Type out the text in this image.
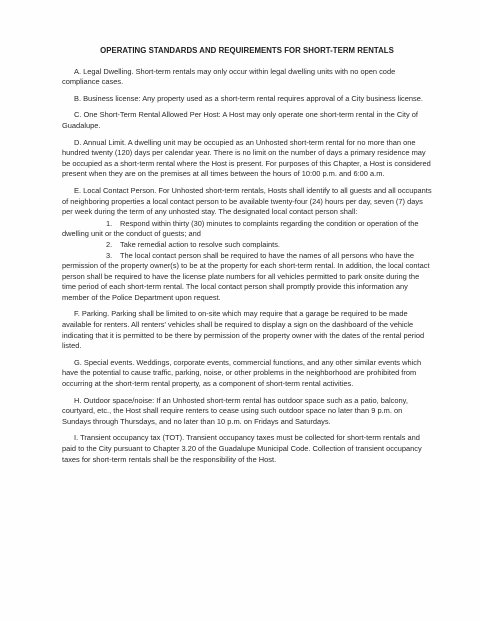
OPERATING STANDARDS AND REQUIREMENTS FOR SHORT-TERM RENTALS

A. Legal Dwelling. Short-term rentals may only occur within legal dwelling units with no open code compliance cases.

B. Business license: Any property used as a short-term rental requires approval of a City business license.

C. One Short-Term Rental Allowed Per Host: A Host may only operate one short-term rental in the City of Guadalupe.

D. Annual Limit. A dwelling unit may be occupied as an Unhosted short-term rental for no more than one hundred twenty (120) days per calendar year. There is no limit on the number of days a primary residence may be occupied as a short-term rental where the Host is present. For purposes of this Chapter, a Host is considered present when they are on the premises at all times between the hours of 10:00 p.m. and 6:00 a.m.

E. Local Contact Person. For Unhosted short-term rentals, Hosts shall identify to all guests and all occupants of neighboring properties a local contact person to be available twenty-four (24) hours per day, seven (7) days per week during the term of any unhosted stay. The designated local contact person shall:

1. Respond within thirty (30) minutes to complaints regarding the condition or operation of the dwelling unit or the conduct of guests; and
2. Take remedial action to resolve such complaints.
3. The local contact person shall be required to have the names of all persons who have the permission of the property owner(s) to be at the property for each short-term rental. In addition, the local contact person shall be required to have the license plate numbers for all vehicles permitted to park onsite during the time period of each short-term rental. The local contact person shall promptly provide this information any member of the Police Department upon request.

F. Parking. Parking shall be limited to on-site which may require that a garage be required to be made available for renters. All renters' vehicles shall be required to display a sign on the dashboard of the vehicle indicating that it is permitted to be there by permission of the property owner with the dates of the rental period listed.

G. Special events. Weddings, corporate events, commercial functions, and any other similar events which have the potential to cause traffic, parking, noise, or other problems in the neighborhood are prohibited from occurring at the short-term rental property, as a component of short-term rental activities.

H. Outdoor space/noise: If an Unhosted short-term rental has outdoor space such as a patio, balcony, courtyard, etc., the Host shall require renters to cease using such outdoor space no later than 9 p.m. on Sundays through Thursdays, and no later than 10 p.m. on Fridays and Saturdays.

I. Transient occupancy tax (TOT). Transient occupancy taxes must be collected for short-term rentals and paid to the City pursuant to Chapter 3.20 of the Guadalupe Municipal Code. Collection of transient occupancy taxes for short-term rentals shall be the responsibility of the Host.
